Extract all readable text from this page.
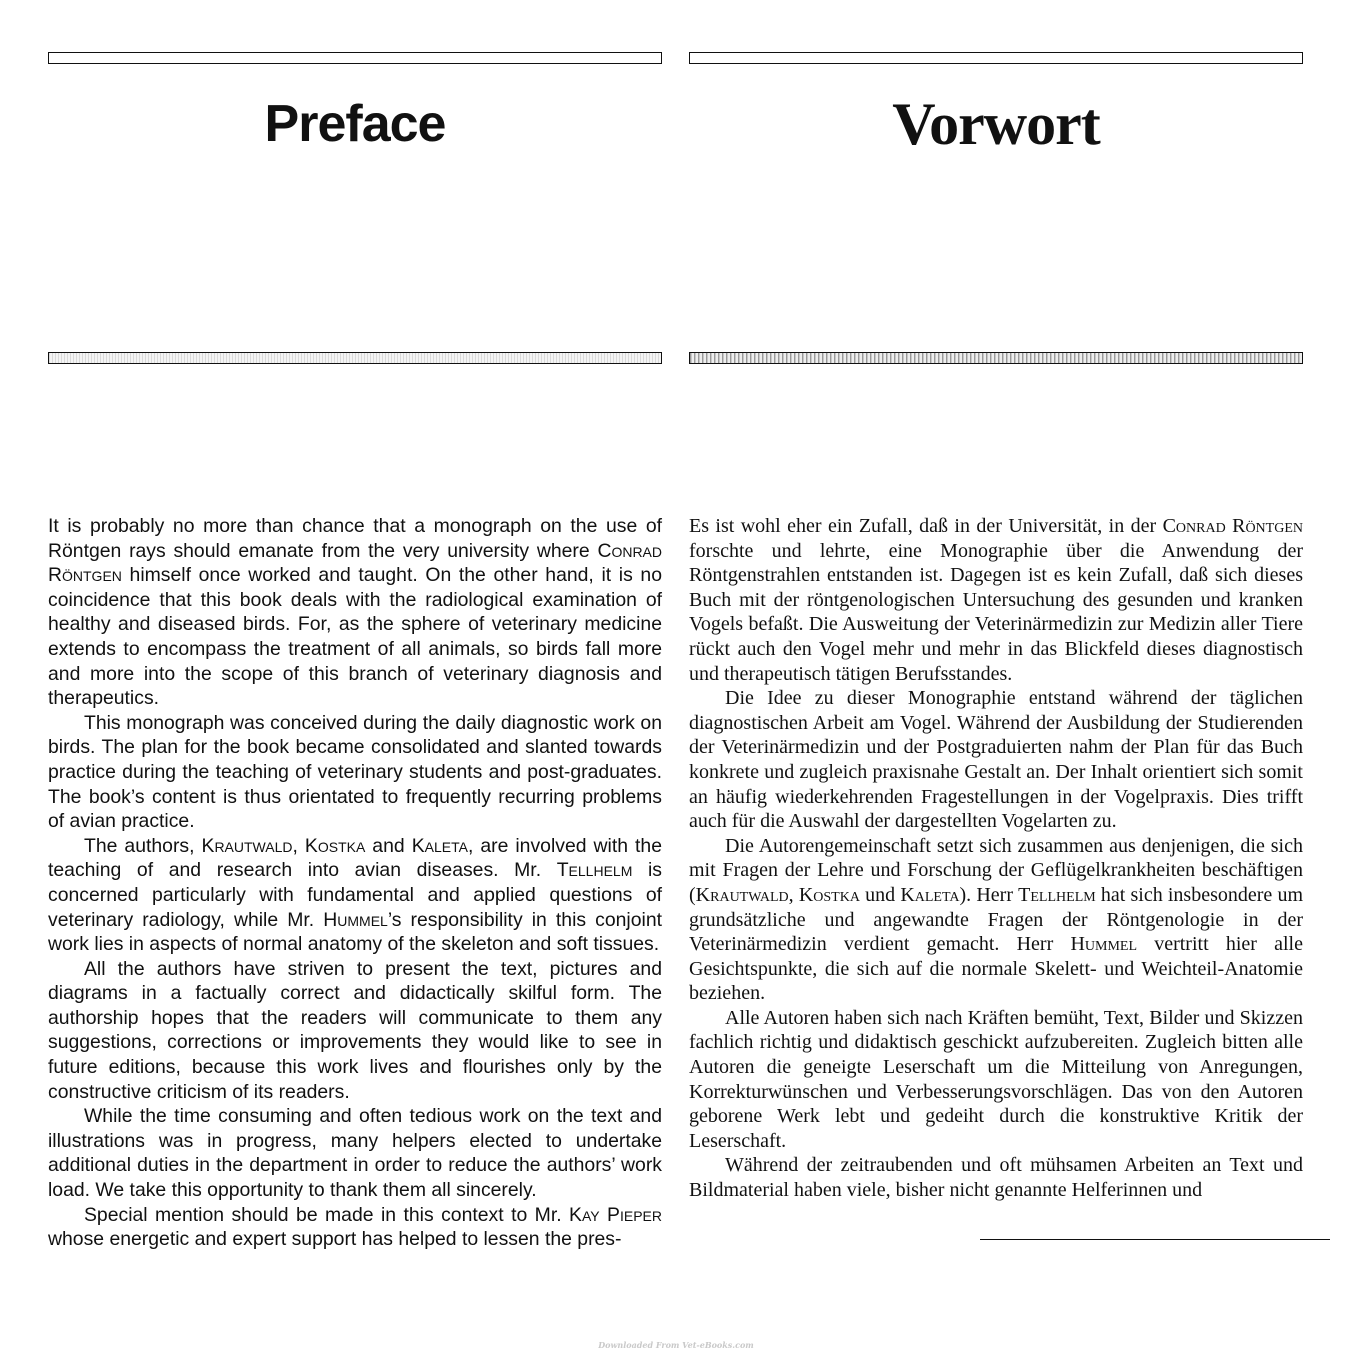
Preface

It is probably no more than chance that a monograph on the use of Röntgen rays should emanate from the very university where Conrad Röntgen himself once worked and taught. On the other hand, it is no coincidence that this book deals with the radiological examination of healthy and diseased birds. For, as the sphere of veterinary medicine extends to encompass the treatment of all animals, so birds fall more and more into the scope of this branch of veterinary diagnosis and therapeutics.

This monograph was conceived during the daily diagnostic work on birds. The plan for the book became consolidated and slanted towards practice during the teaching of veterinary students and post-graduates. The book’s content is thus orientated to frequently recurring problems of avian practice.

The authors, Krautwald, Kostka and Kaleta, are involved with the teaching of and research into avian diseases. Mr. Tellhelm is concerned particularly with fundamental and applied questions of veterinary radiology, while Mr. Hummel’s responsibility in this conjoint work lies in aspects of normal anatomy of the skeleton and soft tissues.

All the authors have striven to present the text, pictures and diagrams in a factually correct and didactically skilful form. The authorship hopes that the readers will communicate to them any suggestions, corrections or improvements they would like to see in future editions, because this work lives and flourishes only by the constructive criticism of its readers.

While the time consuming and often tedious work on the text and illustrations was in progress, many helpers elected to undertake additional duties in the department in order to reduce the authors’ work load. We take this opportunity to thank them all sincerely.

Special mention should be made in this context to Mr. Kay Pieper whose energetic and expert support has helped to lessen the pres-

Vorwort

Es ist wohl eher ein Zufall, daß in der Universität, in der Conrad Röntgen forschte und lehrte, eine Monographie über die Anwendung der Röntgenstrahlen entstanden ist. Dagegen ist es kein Zufall, daß sich dieses Buch mit der röntgenologischen Untersuchung des gesunden und kranken Vogels befaßt. Die Ausweitung der Veterinärmedizin zur Medizin aller Tiere rückt auch den Vogel mehr und mehr in das Blickfeld dieses diagnostisch und therapeutisch tätigen Berufsstandes.

Die Idee zu dieser Monographie entstand während der täglichen diagnostischen Arbeit am Vogel. Während der Ausbildung der Studierenden der Veterinärmedizin und der Postgraduierten nahm der Plan für das Buch konkrete und zugleich praxisnahe Gestalt an. Der Inhalt orientiert sich somit an häufig wiederkehrenden Fragestellungen in der Vogelpraxis. Dies trifft auch für die Auswahl der dargestellten Vogelarten zu.

Die Autorengemeinschaft setzt sich zusammen aus denjenigen, die sich mit Fragen der Lehre und Forschung der Geflügelkrankheiten beschäftigen (Krautwald, Kostka und Kaleta). Herr Tellhelm hat sich insbesondere um grundsätzliche und angewandte Fragen der Röntgenologie in der Veterinärmedizin verdient gemacht. Herr Hummel vertritt hier alle Gesichtspunkte, die sich auf die normale Skelett- und Weichteil-Anatomie beziehen.

Alle Autoren haben sich nach Kräften bemüht, Text, Bilder und Skizzen fachlich richtig und didaktisch geschickt aufzubereiten. Zugleich bitten alle Autoren die geneigte Leserschaft um die Mitteilung von Anregungen, Korrekturwünschen und Verbesserungsvorschlägen. Das von den Autoren geborene Werk lebt und gedeiht durch die konstruktive Kritik der Leserschaft.

Während der zeitraubenden und oft mühsamen Arbeiten an Text und Bildmaterial haben viele, bisher nicht genannte Helferinnen und

Downloaded From Vet-eBooks.com
